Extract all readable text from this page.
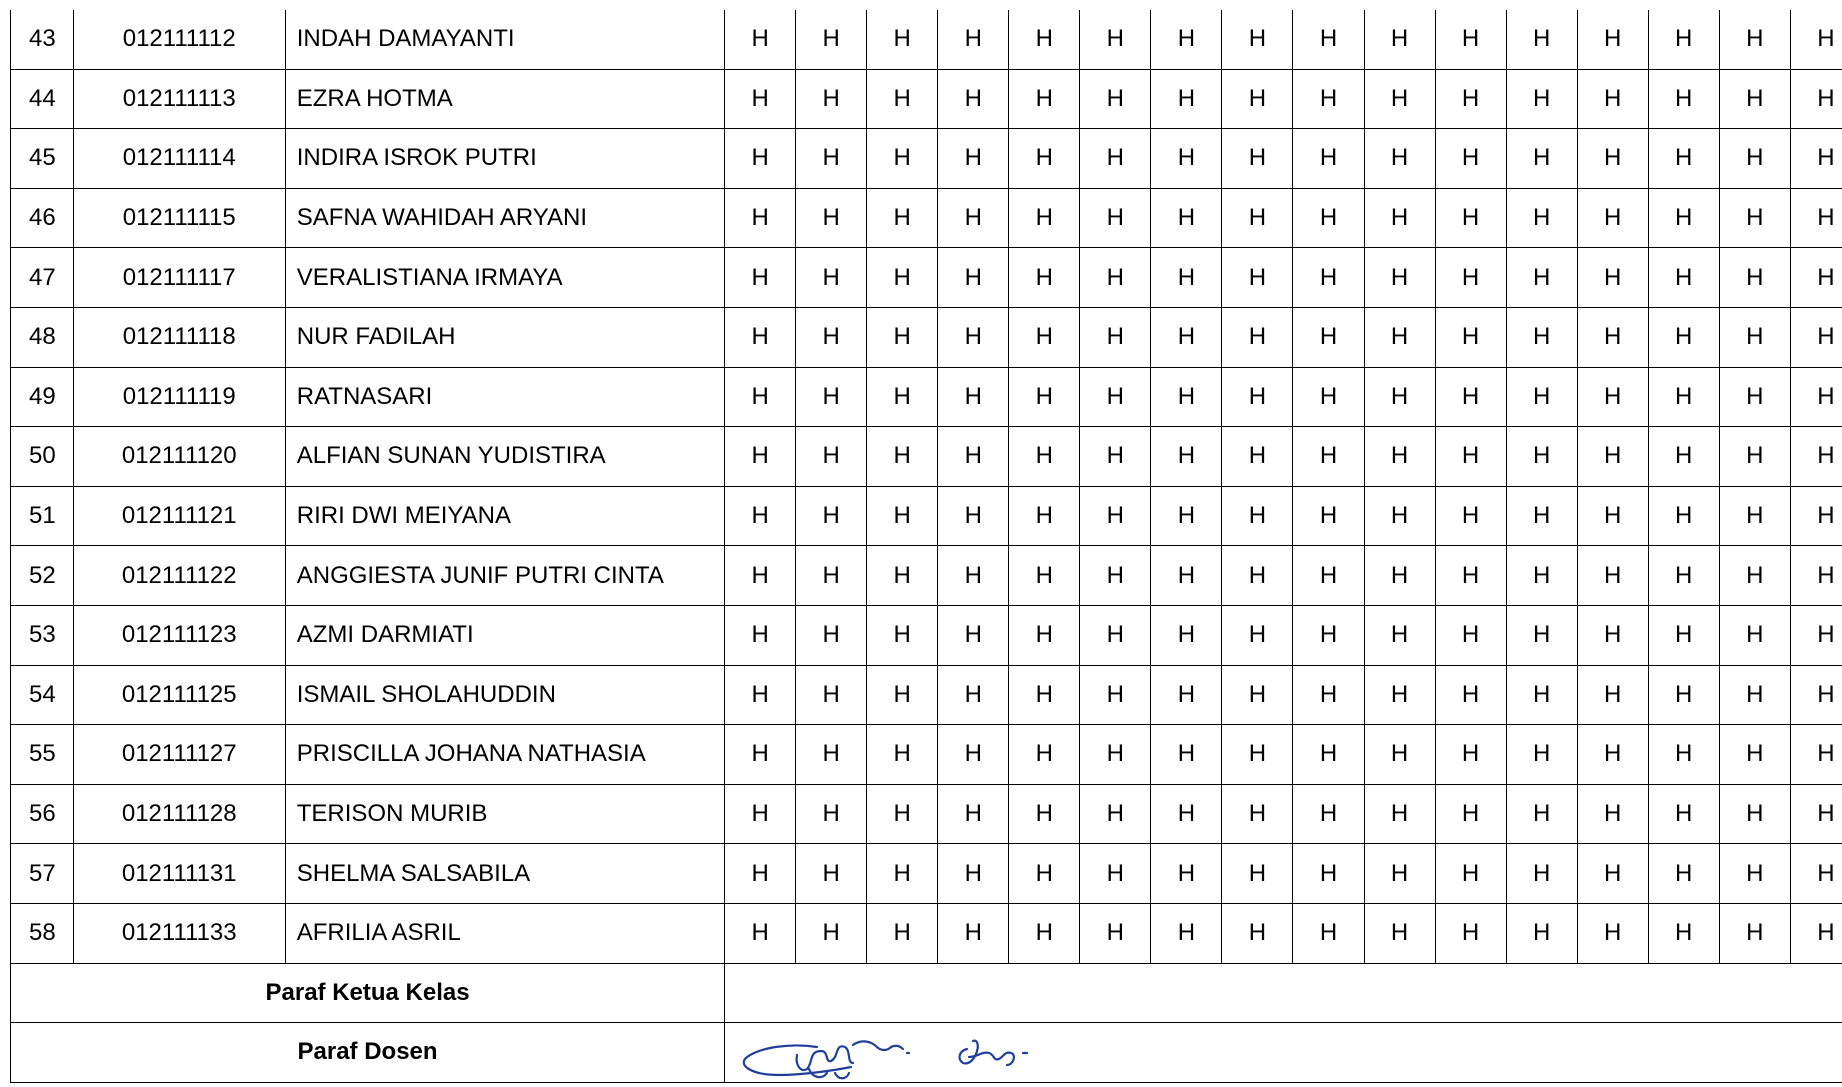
43	012111112	INDAH DAMAYANTI	H	H	H	H	H	H	H	H	H	H	H	H	H	H	H	H
44	012111113	EZRA HOTMA	H	H	H	H	H	H	H	H	H	H	H	H	H	H	H	H
45	012111114	INDIRA ISROK PUTRI	H	H	H	H	H	H	H	H	H	H	H	H	H	H	H	H
46	012111115	SAFNA WAHIDAH ARYANI	H	H	H	H	H	H	H	H	H	H	H	H	H	H	H	H
47	012111117	VERALISTIANA IRMAYA	H	H	H	H	H	H	H	H	H	H	H	H	H	H	H	H
48	012111118	NUR FADILAH	H	H	H	H	H	H	H	H	H	H	H	H	H	H	H	H
49	012111119	RATNASARI	H	H	H	H	H	H	H	H	H	H	H	H	H	H	H	H
50	012111120	ALFIAN SUNAN YUDISTIRA	H	H	H	H	H	H	H	H	H	H	H	H	H	H	H	H
51	012111121	RIRI DWI MEIYANA	H	H	H	H	H	H	H	H	H	H	H	H	H	H	H	H
52	012111122	ANGGIESTA JUNIF PUTRI CINTA	H	H	H	H	H	H	H	H	H	H	H	H	H	H	H	H
53	012111123	AZMI DARMIATI	H	H	H	H	H	H	H	H	H	H	H	H	H	H	H	H
54	012111125	ISMAIL SHOLAHUDDIN	H	H	H	H	H	H	H	H	H	H	H	H	H	H	H	H
55	012111127	PRISCILLA JOHANA NATHASIA	H	H	H	H	H	H	H	H	H	H	H	H	H	H	H	H
56	012111128	TERISON MURIB	H	H	H	H	H	H	H	H	H	H	H	H	H	H	H	H
57	012111131	SHELMA SALSABILA	H	H	H	H	H	H	H	H	H	H	H	H	H	H	H	H
58	012111133	AFRILIA ASRIL	H	H	H	H	H	H	H	H	H	H	H	H	H	H	H	H
Paraf Ketua Kelas																		
Paraf Dosen	
